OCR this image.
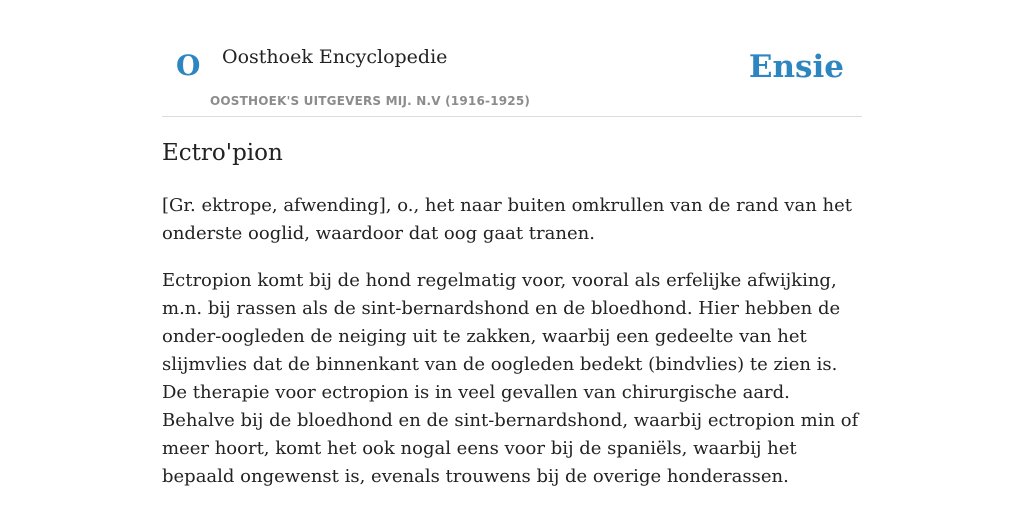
O Oosthoek Encyclopedie
OOSTHOEK'S UITGEVERS MIJ. N.V (1916-1925)
Ensie
Ectro'pion

[Gr. ektrope, afwending], o., het naar buiten omkrullen van de rand van het onderste ooglid, waardoor dat oog gaat tranen.

Ectropion komt bij de hond regelmatig voor, vooral als erfelijke afwijking, m.n. bij rassen als de sint-bernardshond en de bloedhond. Hier hebben de onder-oogleden de neiging uit te zakken, waarbij een gedeelte van het slijmvlies dat de binnenkant van de oogleden bedekt (bindvlies) te zien is. De therapie voor ectropion is in veel gevallen van chirurgische aard. Behalve bij de bloedhond en de sint-bernardshond, waarbij ectropion min of meer hoort, komt het ook nogal eens voor bij de spaniëls, waarbij het bepaald ongewenst is, evenals trouwens bij de overige honderassen.
